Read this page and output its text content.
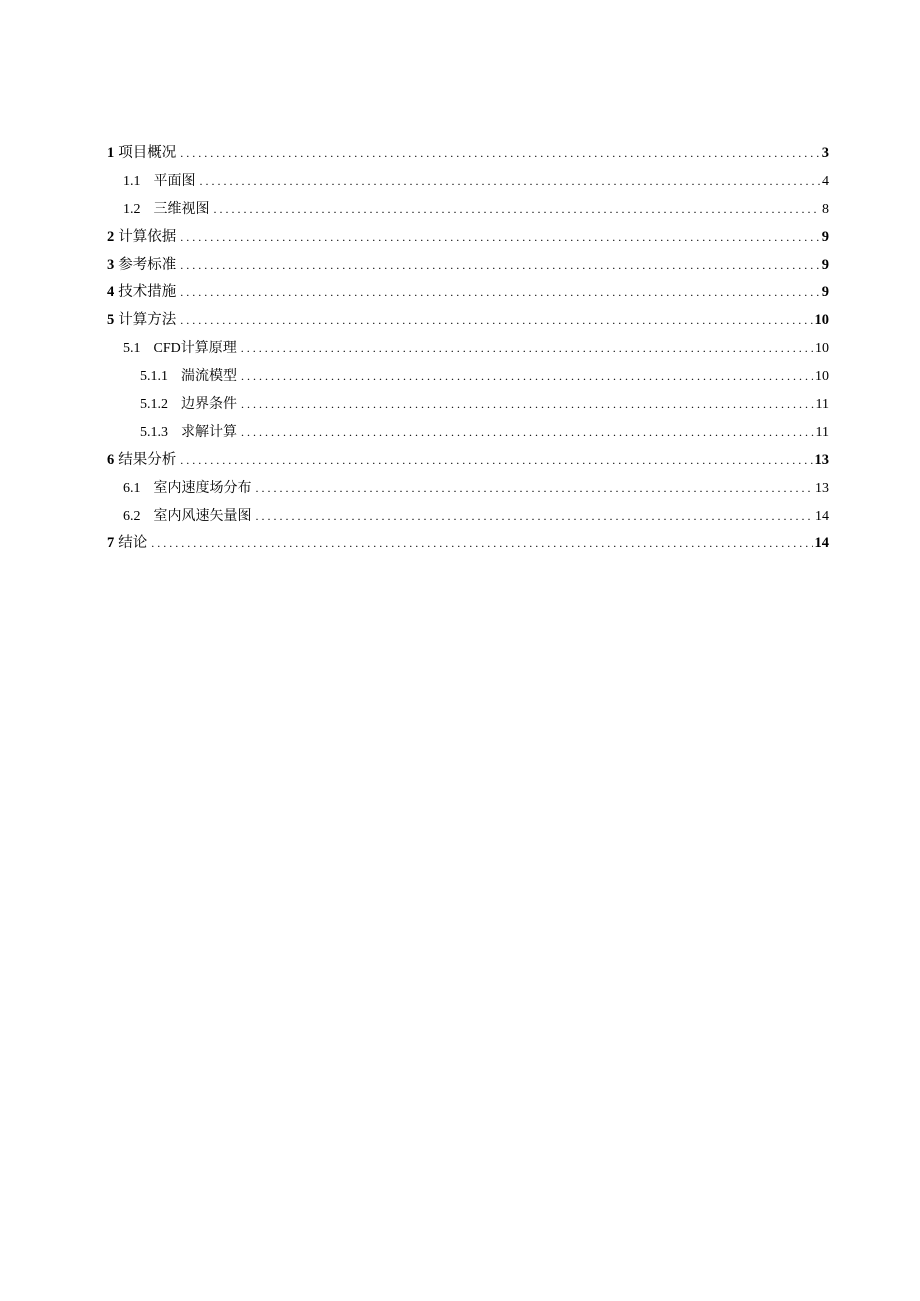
1 项目概况 . . .	3
1.1 平面图 . . .	4
1.2 三维视图 . . .	8
2 计算依据 . . .	9
3 参考标准 . . .	9
4 技术措施 . . .	9
5 计算方法 . . .	10
5.1 CFD计算原理 . . .	10
5.1.1 湍流模型 . . .	10
5.1.2 边界条件 . . .	11
5.1.3 求解计算 . . .	11
6 结果分析 . . .	13
6.1 室内速度场分布 . . .	13
6.2 室内风速矢量图 . . .	14
7 结论 . . .	14
